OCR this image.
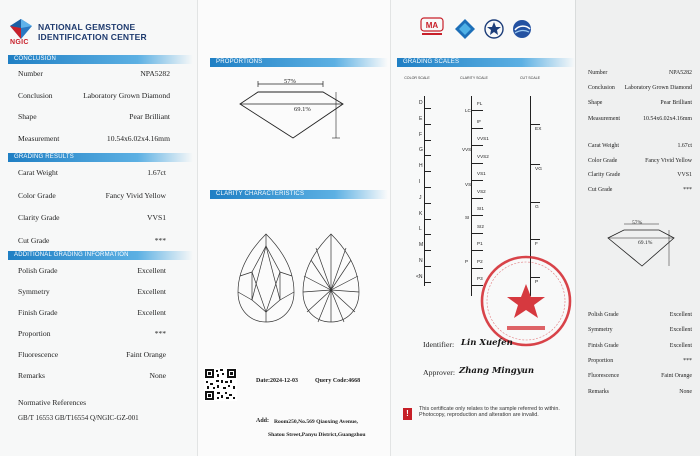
NATIONAL GEMSTONE
IDENTIFICATION CENTER
NGIC
CONCLUSION
Number	NPA5282
Conclusion	Laboratory Grown Diamond
Shape	Pear Brilliant
Measurement	10.54x6.02x4.16mm
GRADING RESULTS
Carat Weight	1.67ct
Color Grade	Fancy Vivid Yellow
Clarity Grade	VVS1
Cut Grade	***
ADDITIONAL GRADING INFORMATION
Polish Grade	Excellent
Symmetry	Excellent
Finish Grade	Excellent
Proportion	***
Fluorescence	Faint Orange
Remarks	None
Normative References
GB/T 16553 GB/T16554 Q/NGIC-GZ-001
PROPORTIONS
57%
69.1%
CLARITY CHARACTERISTICS
Date:2024-12-03	Query Code:4668
Add: Room250,No.569 Qiaoxing Avenue,
Shatou Street,Panyu District,Guangzhou
MA
GRADING SCALES
COLOR SCALE	CLARITY SCALE	CUT SCALE
D
E
F
G
H
I
J
K
L
M
N
<N
LC
VVS
VS
SI
P
FL
IF
VVS1
VVS2
VS1
VS2
SI1
SI2
P1
P2
P3
EX
VG
G
F
P
Identifier: Lin Xuefen
Approver: Zhang Mingyun
!	This certificate only relates to the sample referred to within. Photocopy, reproduction and alteration are invalid.
Number	NPA5282
Conclusion	Laboratory Grown Diamond
Shape	Pear Brilliant
Measurement	10.54x6.02x4.16mm
Carat Weight	1.67ct
Color Grade	Fancy Vivid Yellow
Clarity Grade	VVS1
Cut Grade	***
57%
69.1%
Polish Grade	Excellent
Symmetry	Excellent
Finish Grade	Excellent
Proportion	***
Fluorescence	Faint Orange
Remarks	None
